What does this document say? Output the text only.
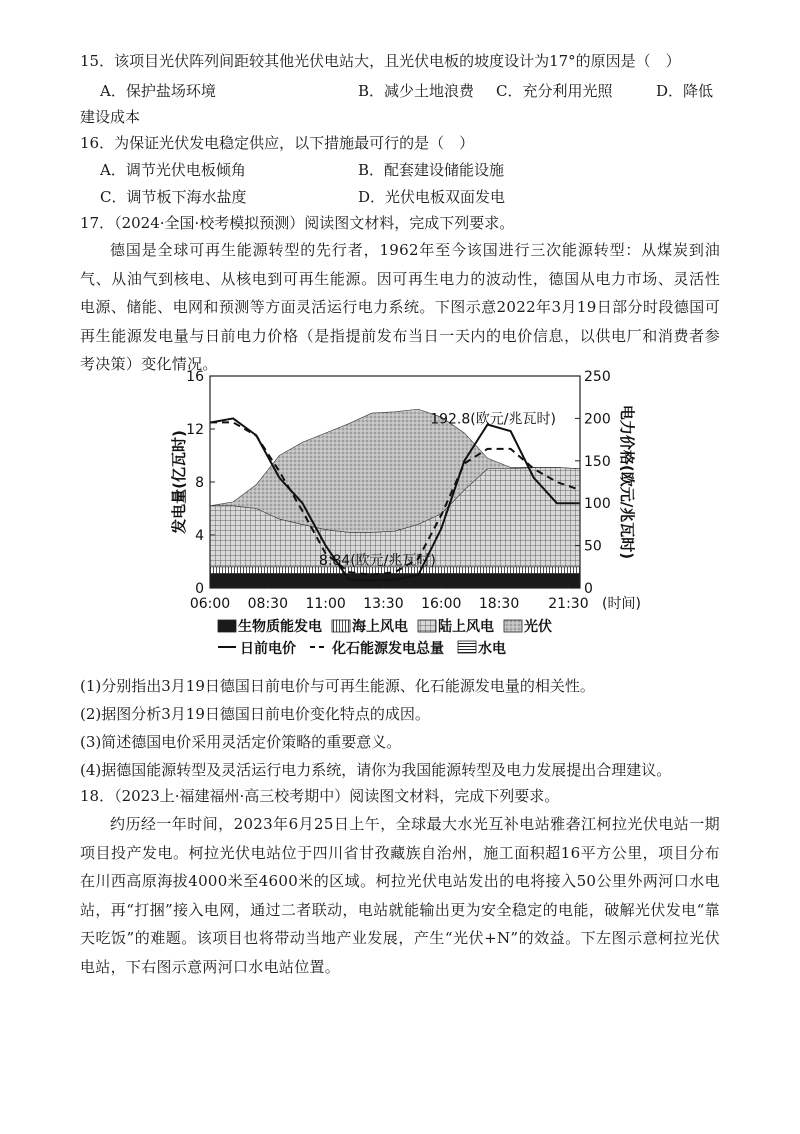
15．该项目光伏阵列间距较其他光伏电站大，且光伏电板的坡度设计为17°的原因是（　）
A．保护盐场环境	B．减少土地浪费 C．充分利用光照	D．降低
建设成本
16．为保证光伏发电稳定供应，以下措施最可行的是（　）
A．调节光伏电板倾角	B．配套建设储能设施
C．调节板下海水盐度	D．光伏电板双面发电
17．（2024·全国·校考模拟预测）阅读图文材料，完成下列要求。
德国是全球可再生能源转型的先行者，1962年至今该国进行三次能源转型：从煤炭到油气、从油气到核电、从核电到可再生能源。因可再生电力的波动性，德国从电力市场、灵活性电源、储能、电网和预测等方面灵活运行电力系统。下图示意2022年3月19日部分时段德国可再生能源发电量与日前电力价格（是指提前发布当日一天内的电价信息，以供电厂和消费者参考决策）变化情况。
0
4
8
12
16
0
50
100
150
200
250
06:00 08:30 11:00 13:30 16:00 18:30 21:30 (时间)
发电量(亿瓦时)	电力价格(欧元/兆瓦时)
192.8(欧元/兆瓦时)
8.84(欧元/兆瓦时)
生物质能发电 海上风电 陆上风电 光伏
日前电价	化石能源发电总量 水电
(1)分别指出3月19日德国日前电价与可再生能源、化石能源发电量的相关性。
(2)据图分析3月19日德国日前电价变化特点的成因。
(3)简述德国电价采用灵活定价策略的重要意义。
(4)据德国能源转型及灵活运行电力系统，请你为我国能源转型及电力发展提出合理建议。
18．（2023上·福建福州·高三校考期中）阅读图文材料，完成下列要求。
约历经一年时间，2023年6月25日上午，全球最大水光互补电站雅砻江柯拉光伏电站一期项目投产发电。柯拉光伏电站位于四川省甘孜藏族自治州，施工面积超16平方公里，项目分布在川西高原海拔4000米至4600米的区域。柯拉光伏电站发出的电将接入50公里外两河口水电站，再“打捆”接入电网，通过二者联动，电站就能输出更为安全稳定的电能，破解光伏发电“靠天吃饭”的难题。该项目也将带动当地产业发展，产生“光伏+N”的效益。下左图示意柯拉光伏电站，下右图示意两河口水电站位置。
